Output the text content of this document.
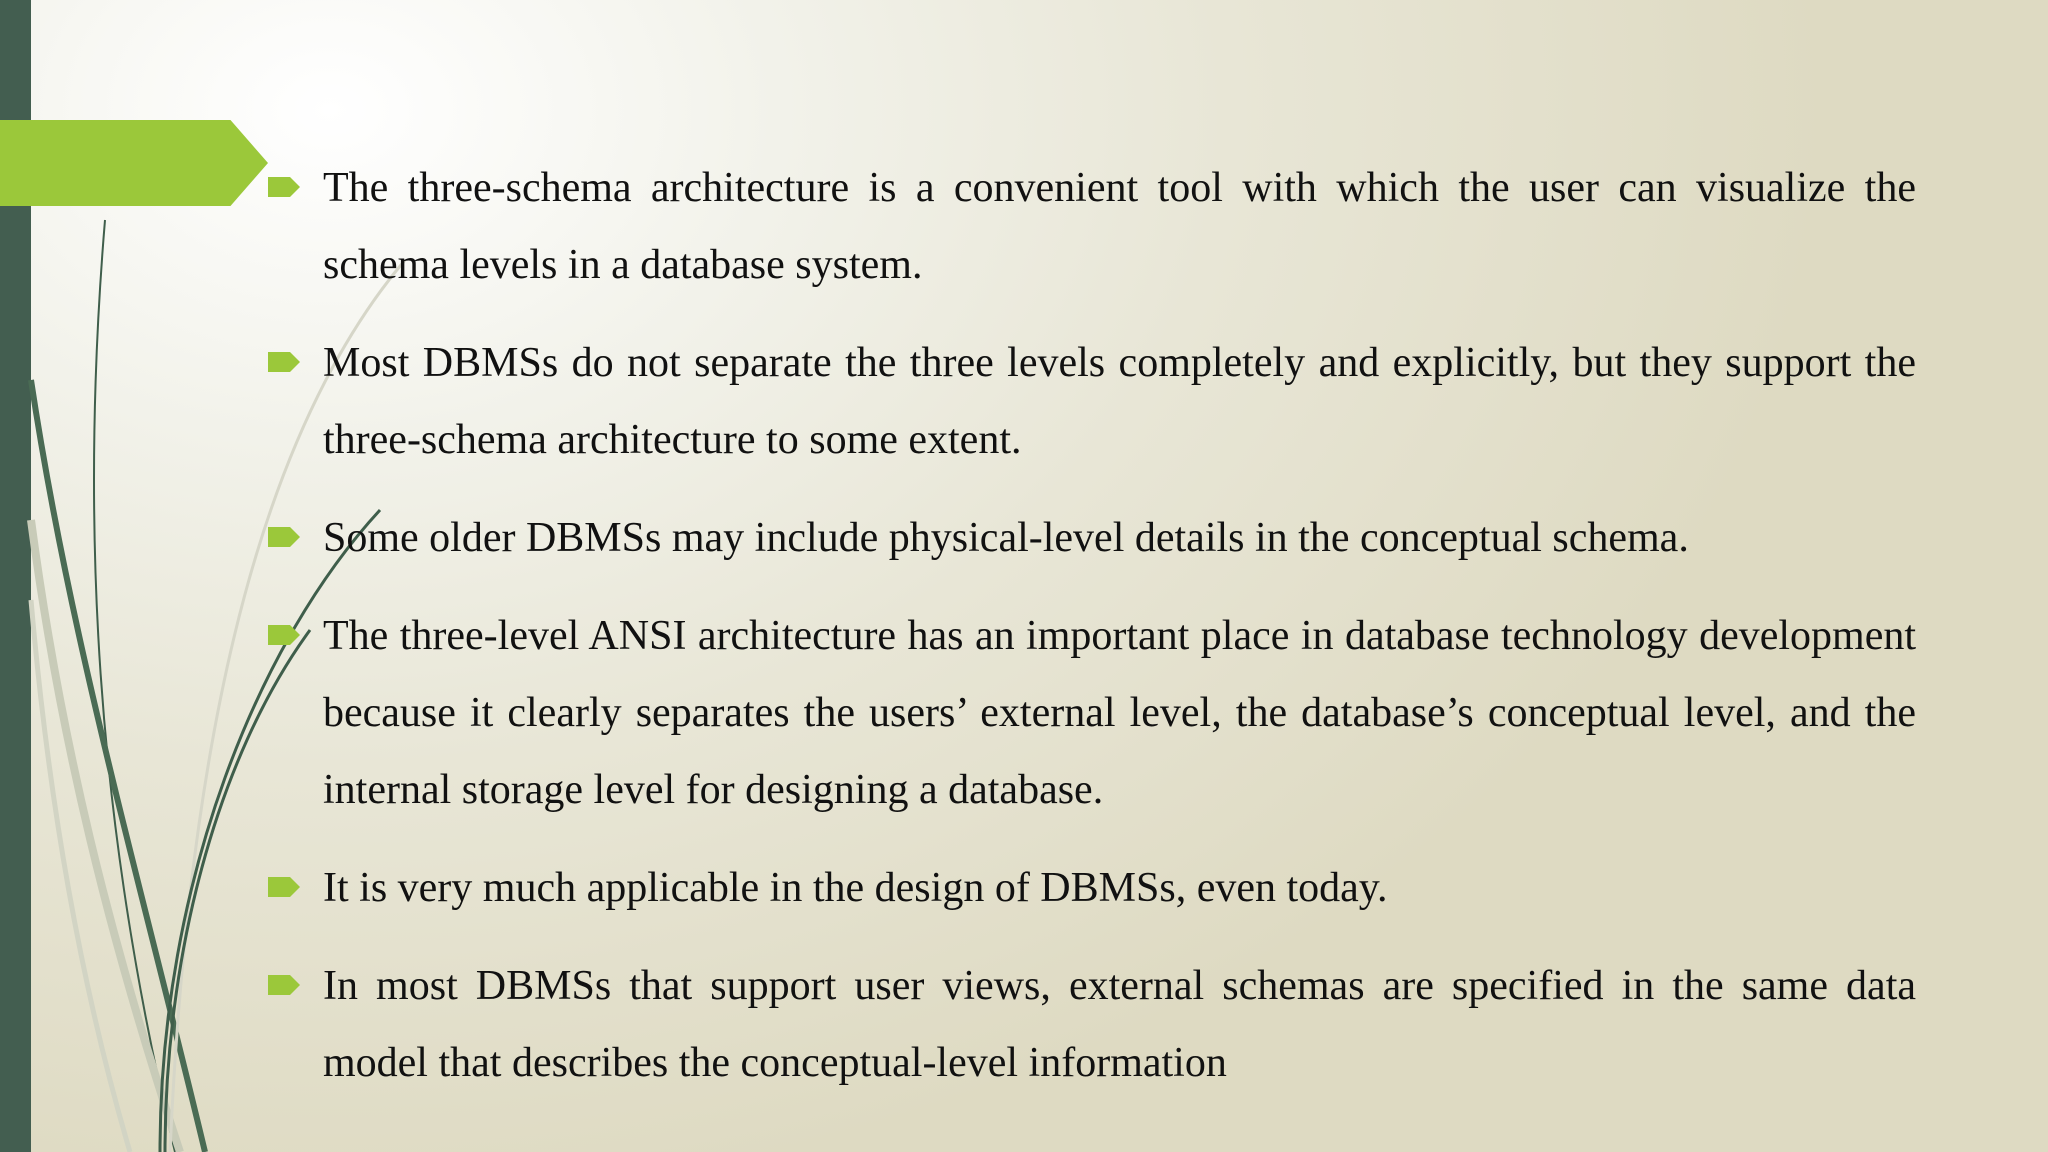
The three-schema architecture is a convenient tool with which the user can visualize the schema levels in a database system.
Most DBMSs do not separate the three levels completely and explicitly, but they support the three-schema architecture to some extent.
Some older DBMSs may include physical-level details in the conceptual schema.
The three-level ANSI architecture has an important place in database technology development because it clearly separates the users’ external level, the database’s conceptual level, and the internal storage level for designing a database.
It is very much applicable in the design of DBMSs, even today.
In most DBMSs that support user views, external schemas are specified in the same data model that describes the conceptual-level information
